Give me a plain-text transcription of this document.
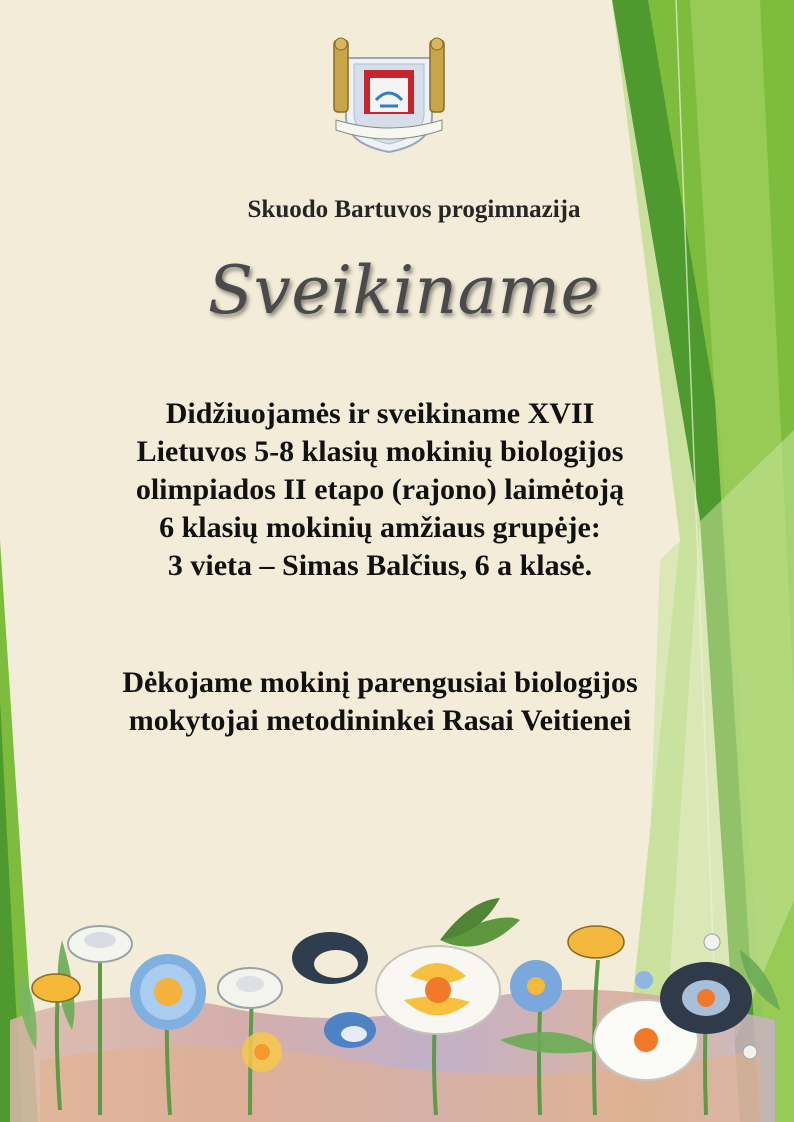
Skuodo Bartuvos progimnazija
Sveikiname
Didžiuojamės ir sveikiname XVII
Lietuvos 5-8 klasių mokinių biologijos
olimpiados II etapo (rajono) laimėtoją
6 klasių mokinių amžiaus grupėje:
3 vieta – Simas Balčius, 6 a klasė.
Dėkojame mokinį parengusiai biologijos
mokytojai metodininkei Rasai Veitienei
